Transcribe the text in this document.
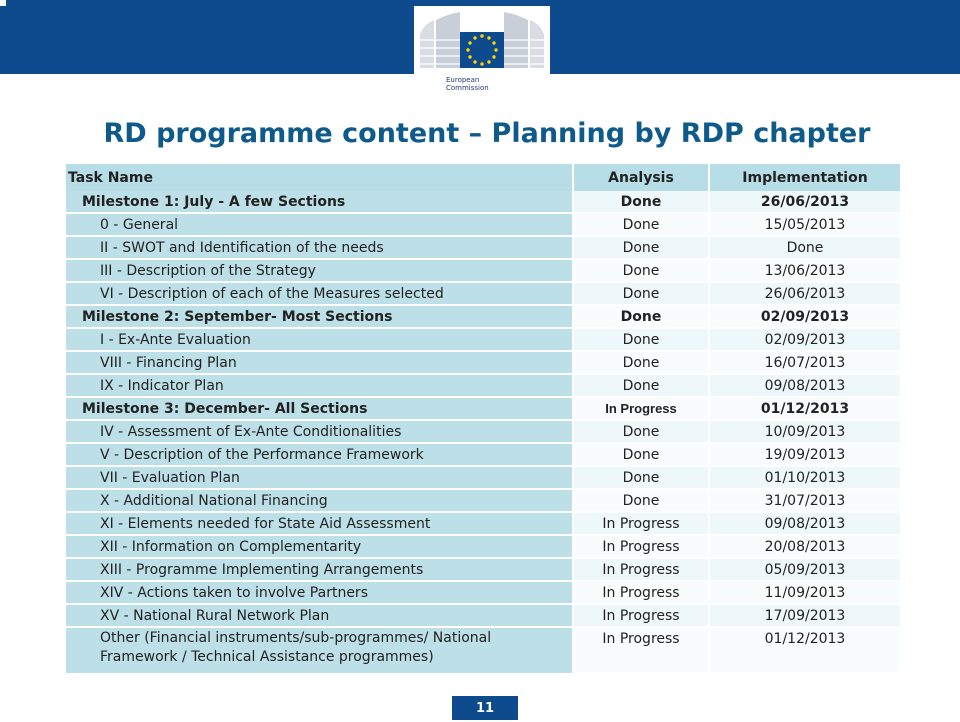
European
Commission
RD programme content – Planning by RDP chapter
Task Name	Analysis	Implementation
Milestone 1: July - A few Sections	Done	26/06/2013
0 - General	Done	15/05/2013
II - SWOT and Identification of the needs	Done	Done
III - Description of the Strategy	Done	13/06/2013
VI - Description of each of the Measures selected	Done	26/06/2013
Milestone 2: September- Most Sections	Done	02/09/2013
I - Ex-Ante Evaluation	Done	02/09/2013
VIII - Financing Plan	Done	16/07/2013
IX - Indicator Plan	Done	09/08/2013
Milestone 3: December- All Sections	In Progress	01/12/2013
IV - Assessment of Ex-Ante Conditionalities	Done	10/09/2013
V - Description of the Performance Framework	Done	19/09/2013
VII - Evaluation Plan	Done	01/10/2013
X - Additional National Financing	Done	31/07/2013
XI - Elements needed for State Aid Assessment	In Progress	09/08/2013
XII - Information on Complementarity	In Progress	20/08/2013
XIII - Programme Implementing Arrangements	In Progress	05/09/2013
XIV - Actions taken to involve Partners	In Progress	11/09/2013
XV - National Rural Network Plan	In Progress	17/09/2013
Other (Financial instruments/sub-programmes/ National Framework / Technical Assistance programmes)	In Progress	01/12/2013
11
